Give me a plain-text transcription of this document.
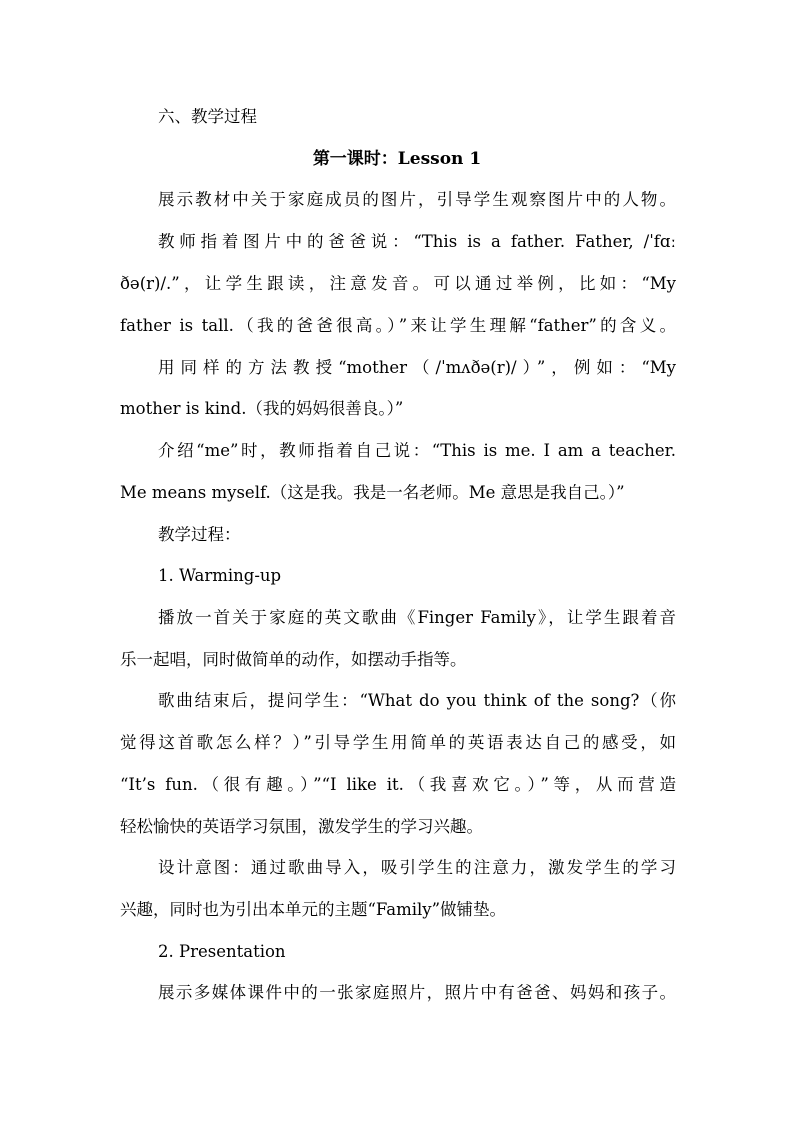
六、教学过程
第一课时：Lesson 1
展示教材中关于家庭成员的图片，引导学生观察图片中的人物。
教师指着图片中的爸爸说：“This is a father. Father, /ˈfɑː
ðə(r)/.”，让学生跟读，注意发音。可以通过举例，比如：“My
father is tall.（我的爸爸很高。）”来让学生理解“father”的含义。
用同样的方法教授“mother（/ˈmʌðə(r)/）”，例如：“My
mother is kind.（我的妈妈很善良。）”
介绍“me”时，教师指着自己说：“This is me. I am a teacher.
Me means myself.（这是我。我是一名老师。Me 意思是我自己。）”
教学过程：
1. Warming-up
播放一首关于家庭的英文歌曲《Finger Family》，让学生跟着音
乐一起唱，同时做简单的动作，如摆动手指等。
歌曲结束后，提问学生：“What do you think of the song?（你
觉得这首歌怎么样？）”引导学生用简单的英语表达自己的感受，如
“It’s fun.（很有趣。）”“I like it.（我喜欢它。）”等，从而营造
轻松愉快的英语学习氛围，激发学生的学习兴趣。
设计意图：通过歌曲导入，吸引学生的注意力，激发学生的学习
兴趣，同时也为引出本单元的主题“Family”做铺垫。
2. Presentation
展示多媒体课件中的一张家庭照片，照片中有爸爸、妈妈和孩子。
